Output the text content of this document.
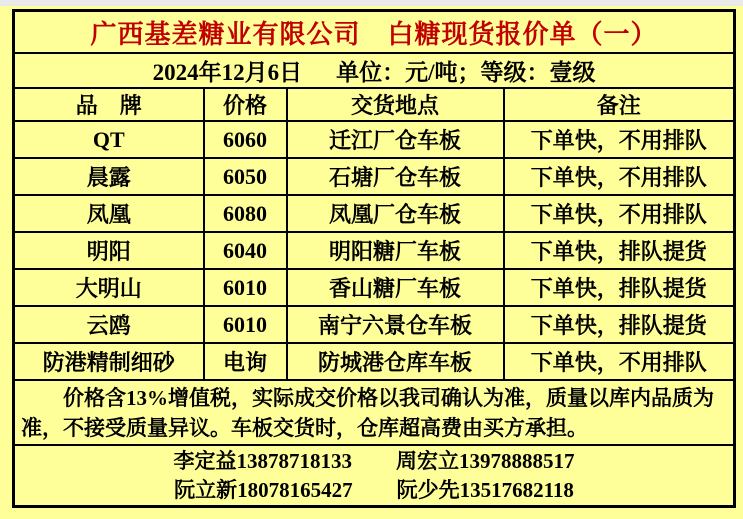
广西基差糖业有限公司　白糖现货报价单（一）			
2024年12月6日 单位：元/吨；等级：壹级			
品　牌	价格	交货地点	备注
QT	6060	迁江厂仓车板	下单快，不用排队
晨露	6050	石塘厂仓车板	下单快，不用排队
凤凰	6080	凤凰厂仓车板	下单快，不用排队
明阳	6040	明阳糖厂车板	下单快，排队提货
大明山	6010	香山糖厂车板	下单快，排队提货
云鸥	6010	南宁六景仓车板	下单快，排队提货
防港精制细砂	电询	防城港仓库车板	下单快，不用排队

价格含13%增值税，实际成交价格以我司确认为准，质量以库内品质为准，不接受质量异议。车板交货时，仓库超高费由买方承担。			

李定益13878718133 周宏立13978888517
阮立新18078165427 阮少先13517682118			
